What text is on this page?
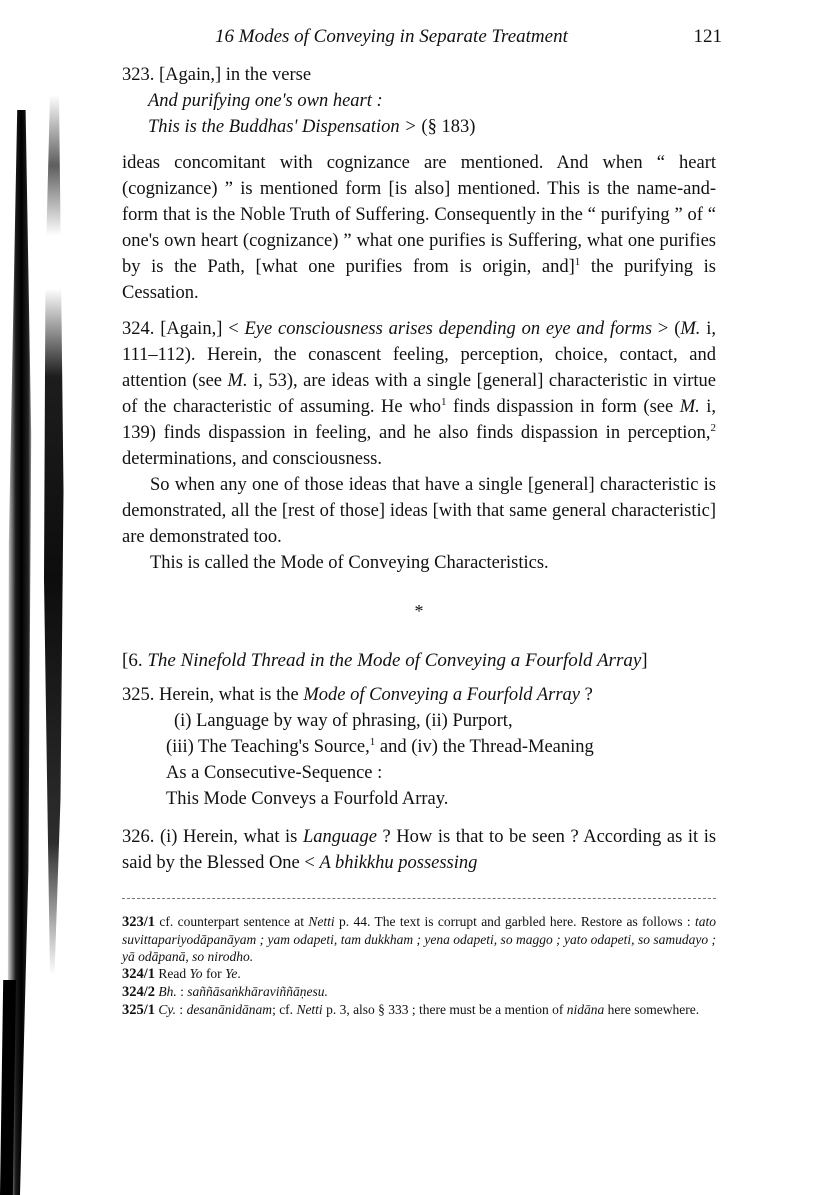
16 Modes of Conveying in Separate Treatment	121

323. [Again,] in the verse

And purifying one's own heart :
This is the Buddhas' Dispensation > (§ 183)

ideas concomitant with cognizance are mentioned. And when “ heart (cognizance) ” is mentioned form [is also] mentioned. This is the name-and-form that is the Noble Truth of Suffering. Consequently in the “ purifying ” of “ one's own heart (cognizance) ” what one purifies is Suffering, what one purifies by is the Path, [what one purifies from is origin, and]$^1$ the purifying is Cessation.

324. [Again,] < Eye consciousness arises depending on eye and forms > (M. i, 111–112). Herein, the conascent feeling, perception, choice, contact, and attention (see M. i, 53), are ideas with a single [general] characteristic in virtue of the characteristic of assuming. He who$^1$ finds dispassion in form (see M. i, 139) finds dispassion in feeling, and he also finds dispassion in perception,$^2$ determinations, and consciousness.

So when any one of those ideas that have a single [general] characteristic is demonstrated, all the [rest of those] ideas [with that same general characteristic] are demonstrated too.

This is called the Mode of Conveying Characteristics.

*
[6. The Ninefold Thread in the Mode of Conveying a Fourfold Array]

325. Herein, what is the Mode of Conveying a Fourfold Array ?

(i) Language by way of phrasing, (ii) Purport,
(iii) The Teaching's Source,$^1$ and (iv) the Thread-Meaning
As a Consecutive-Sequence :
This Mode Conveys a Fourfold Array.

326. (i) Herein, what is Language ? How is that to be seen ? According as it is said by the Blessed One < A bhikkhu possessing

323/1 cf. counterpart sentence at Netti p. 44. The text is corrupt and garbled here. Restore as follows : tato suvittapariyodāpanāyam ; yam odapeti, tam dukkham ; yena odapeti, so maggo ; yato odapeti, so samudayo ; yā odāpanā, so nirodho.
324/1 Read Yo for Ye.
324/2 Bh. : saññāsaṅkhāraviññāṇesu.
325/1 Cy. : desanānidānam; cf. Netti p. 3, also § 333 ; there must be a mention of nidāna here somewhere.
